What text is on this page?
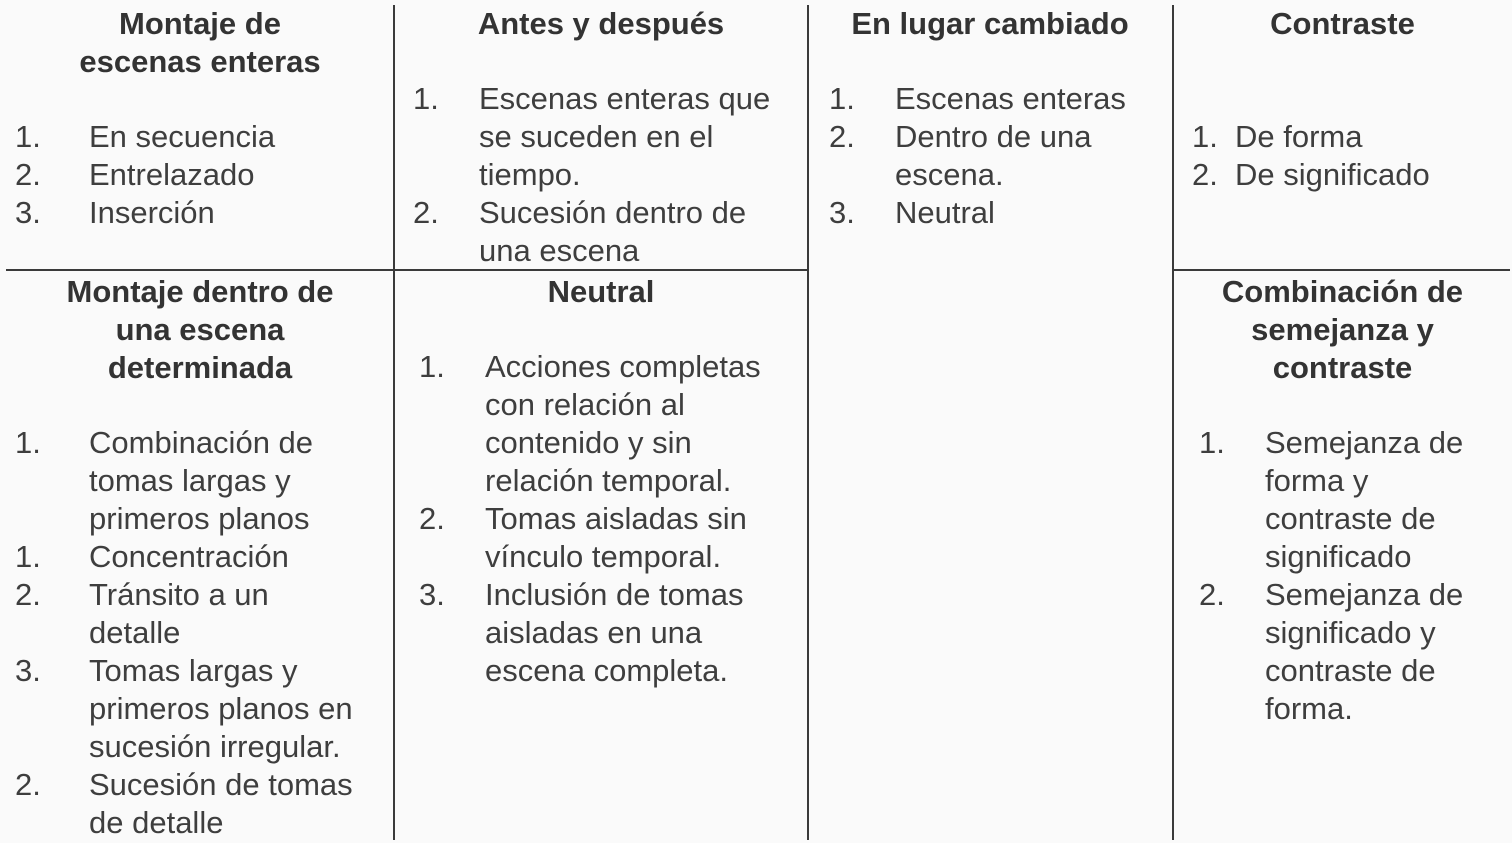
Montaje de escenas enteras
1.	En secuencia
2.	Entrelazado
3.	Inserción
Antes y después
1.	Escenas enteras que se suceden en el tiempo.
2.	Sucesión dentro de una escena
En lugar cambiado
1.	Escenas enteras
2.	Dentro de una escena.
3.	Neutral
Contraste
1. De forma
2. De significado
Montaje dentro de una escena determinada
1.	Combinación de tomas largas y primeros planos
1.	Concentración
2.	Tránsito a un detalle
3.	Tomas largas y primeros planos en sucesión irregular.
2.	Sucesión de tomas de detalle
Neutral
1.	Acciones completas con relación al contenido y sin relación temporal.
2.	Tomas aisladas sin vínculo temporal.
3.	Inclusión de tomas aisladas en una escena completa.
Combinación de semejanza y contraste
1.	Semejanza de forma y contraste de significado
2.	Semejanza de significado y contraste de forma.
